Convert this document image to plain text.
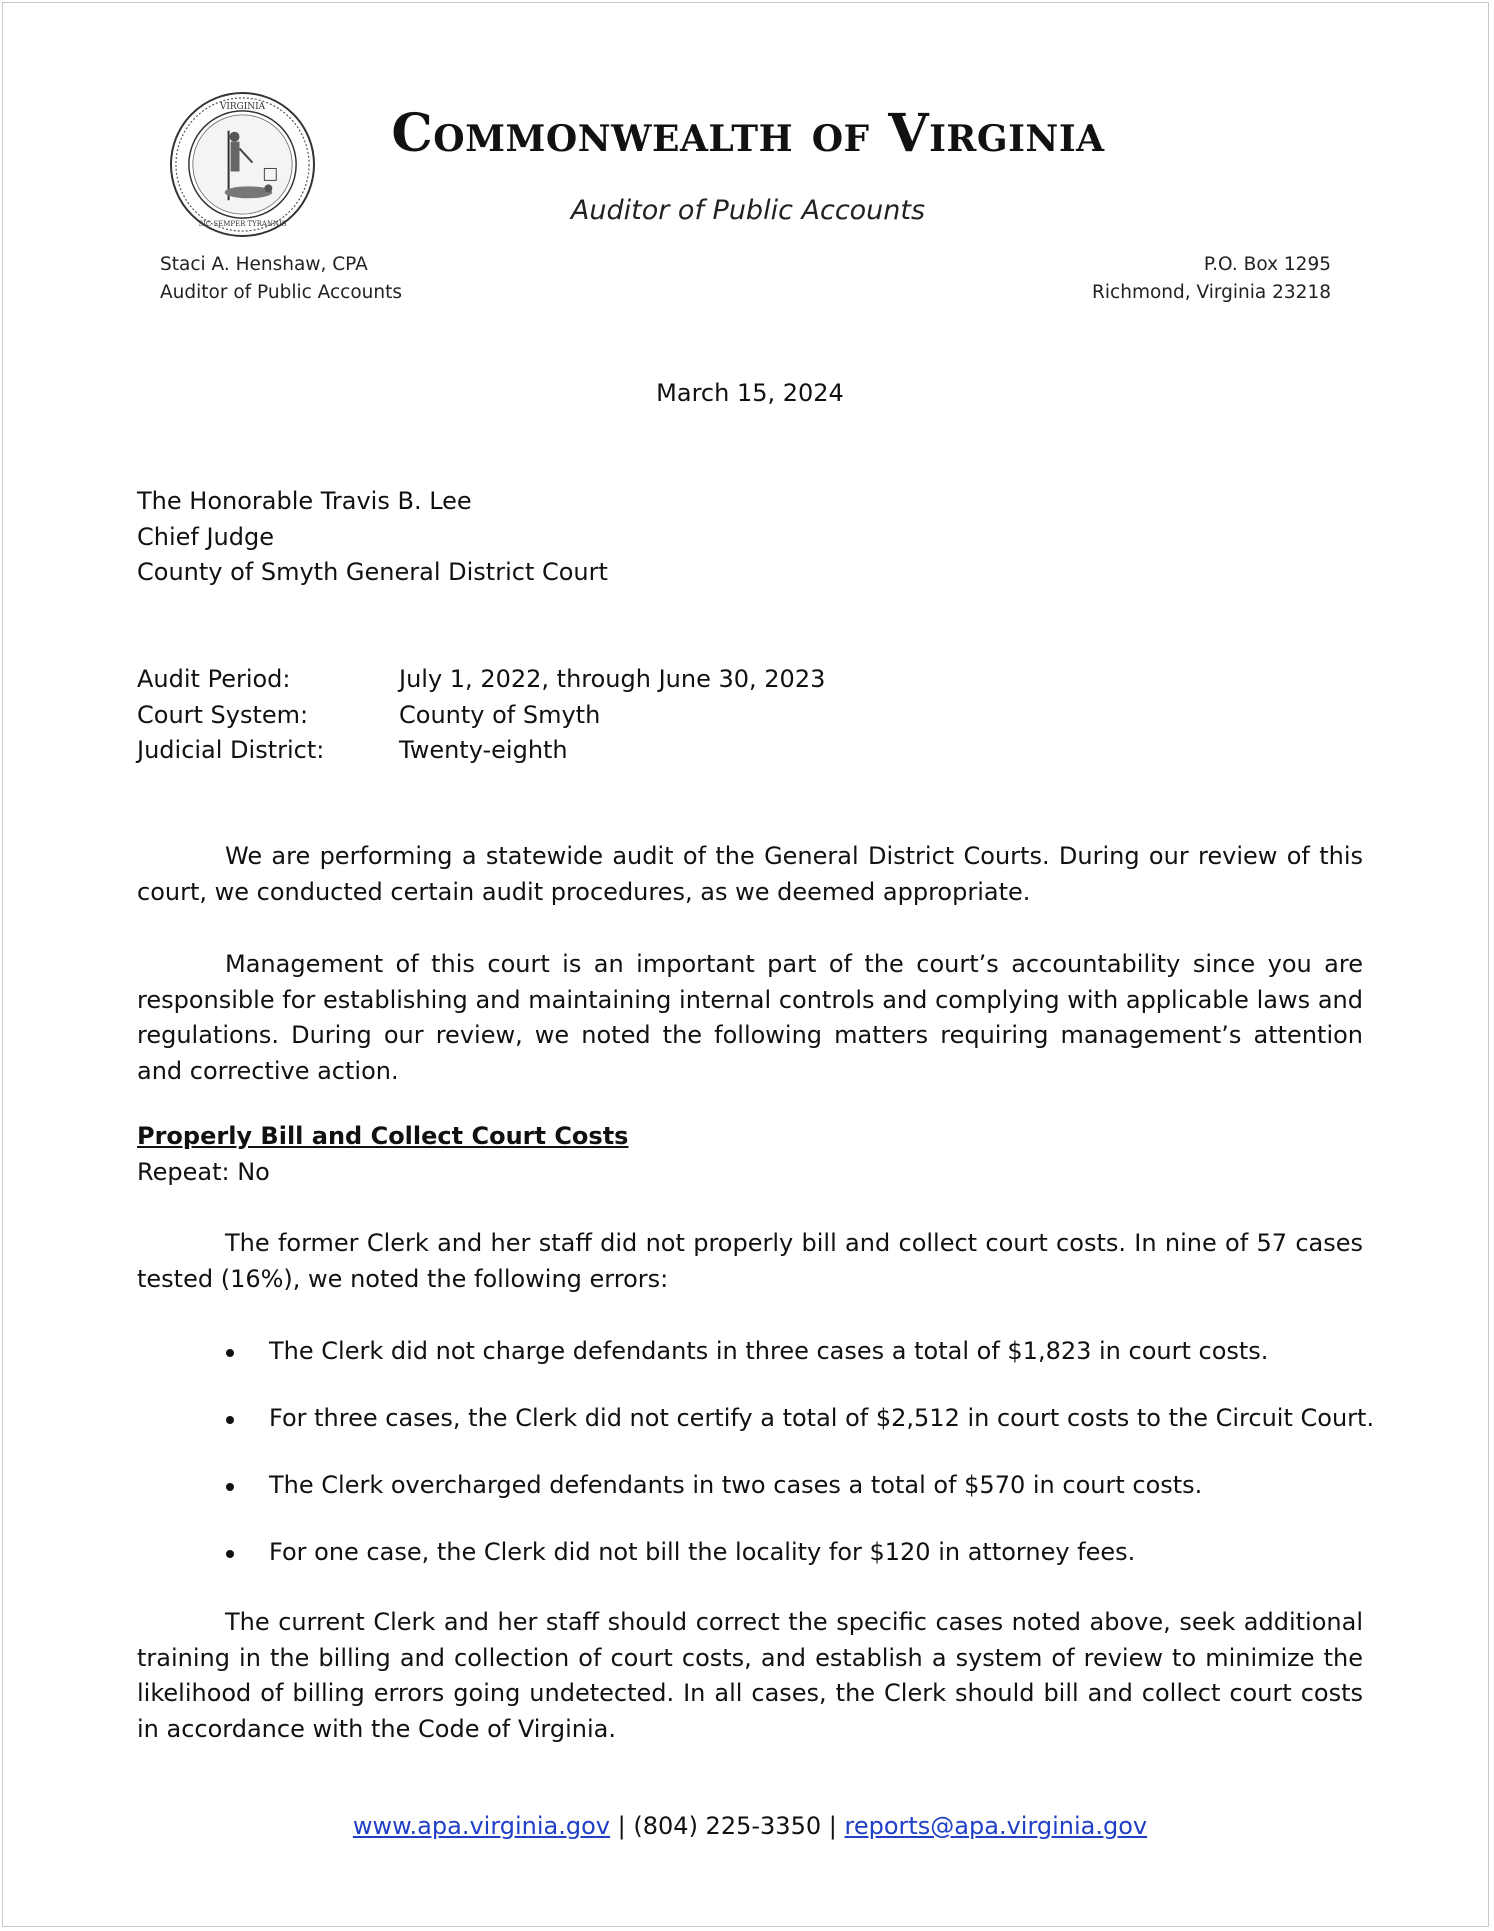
VIRGINIA
SIC SEMPER TYRANNIS
Commonwealth of Virginia
Auditor of Public Accounts
Staci A. Henshaw, CPA
Auditor of Public Accounts
P.O. Box 1295
Richmond, Virginia 23218
March 15, 2024
The Honorable Travis B. Lee
Chief Judge
County of Smyth General District Court
Audit Period:	July 1, 2022, through June 30, 2023
Court System:	County of Smyth
Judicial District:	Twenty-eighth

We are performing a statewide audit of the General District Courts. During our review of this court, we conducted certain audit procedures, as we deemed appropriate.

Management of this court is an important part of the court’s accountability since you are responsible for establishing and maintaining internal controls and complying with applicable laws and regulations. During our review, we noted the following matters requiring management’s attention and corrective action.

Properly Bill and Collect Court Costs
Repeat: No

The former Clerk and her staff did not properly bill and collect court costs. In nine of 57 cases tested (16%), we noted the following errors:

The Clerk did not charge defendants in three cases a total of $1,823 in court costs.
For three cases, the Clerk did not certify a total of $2,512 in court costs to the Circuit Court.
The Clerk overcharged defendants in two cases a total of $570 in court costs.
For one case, the Clerk did not bill the locality for $120 in attorney fees.

The current Clerk and her staff should correct the specific cases noted above, seek additional training in the billing and collection of court costs, and establish a system of review to minimize the likelihood of billing errors going undetected. In all cases, the Clerk should bill and collect court costs in accordance with the Code of Virginia.

www.apa.virginia.gov | (804) 225-3350 | reports@apa.virginia.gov
